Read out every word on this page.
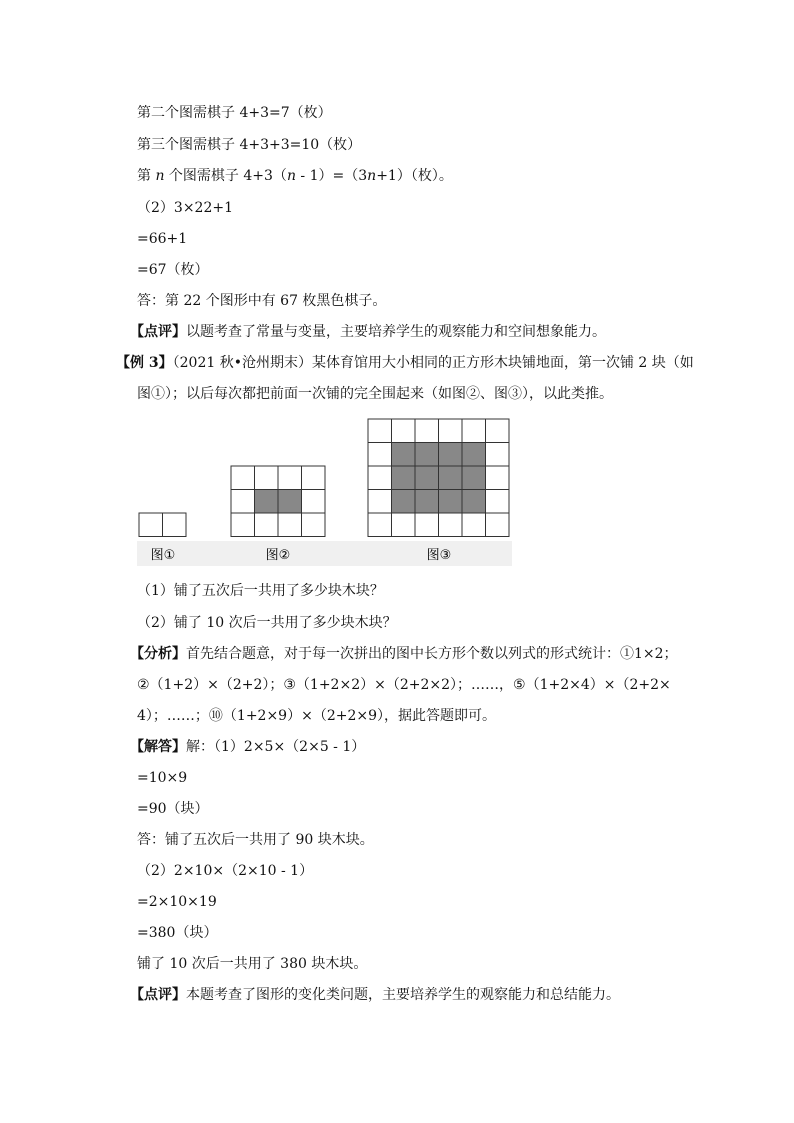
第二个图需棋子 4+3=7（枚）
第三个图需棋子 4+3+3=10（枚）
第 n 个图需棋子 4+3（n - 1）=（3n+1）（枚）。
（2）3×22+1
=66+1
=67（枚）
答：第 22 个图形中有 67 枚黑色棋子。
【点评】以题考查了常量与变量，主要培养学生的观察能力和空间想象能力。
【例 3】（2021 秋•沧州期末）某体育馆用大小相同的正方形木块铺地面，第一次铺 2 块（如
图①）；以后每次都把前面一次铺的完全围起来（如图②、图③），以此类推。
图①	图②	图③
（1）铺了五次后一共用了多少块木块？
（2）铺了 10 次后一共用了多少块木块？
【分析】首先结合题意，对于每一次拼出的图中长方形个数以列式的形式统计：①1×2；
②（1+2）×（2+2）；③（1+2×2）×（2+2×2）；……，⑤（1+2×4）×（2+2×
4）；……；⑩（1+2×9）×（2+2×9），据此答题即可。
【解答】解：（1）2×5×（2×5 - 1）
=10×9
=90（块）
答：铺了五次后一共用了 90 块木块。
（2）2×10×（2×10 - 1）
=2×10×19
=380（块）
铺了 10 次后一共用了 380 块木块。
【点评】本题考查了图形的变化类问题，主要培养学生的观察能力和总结能力。
